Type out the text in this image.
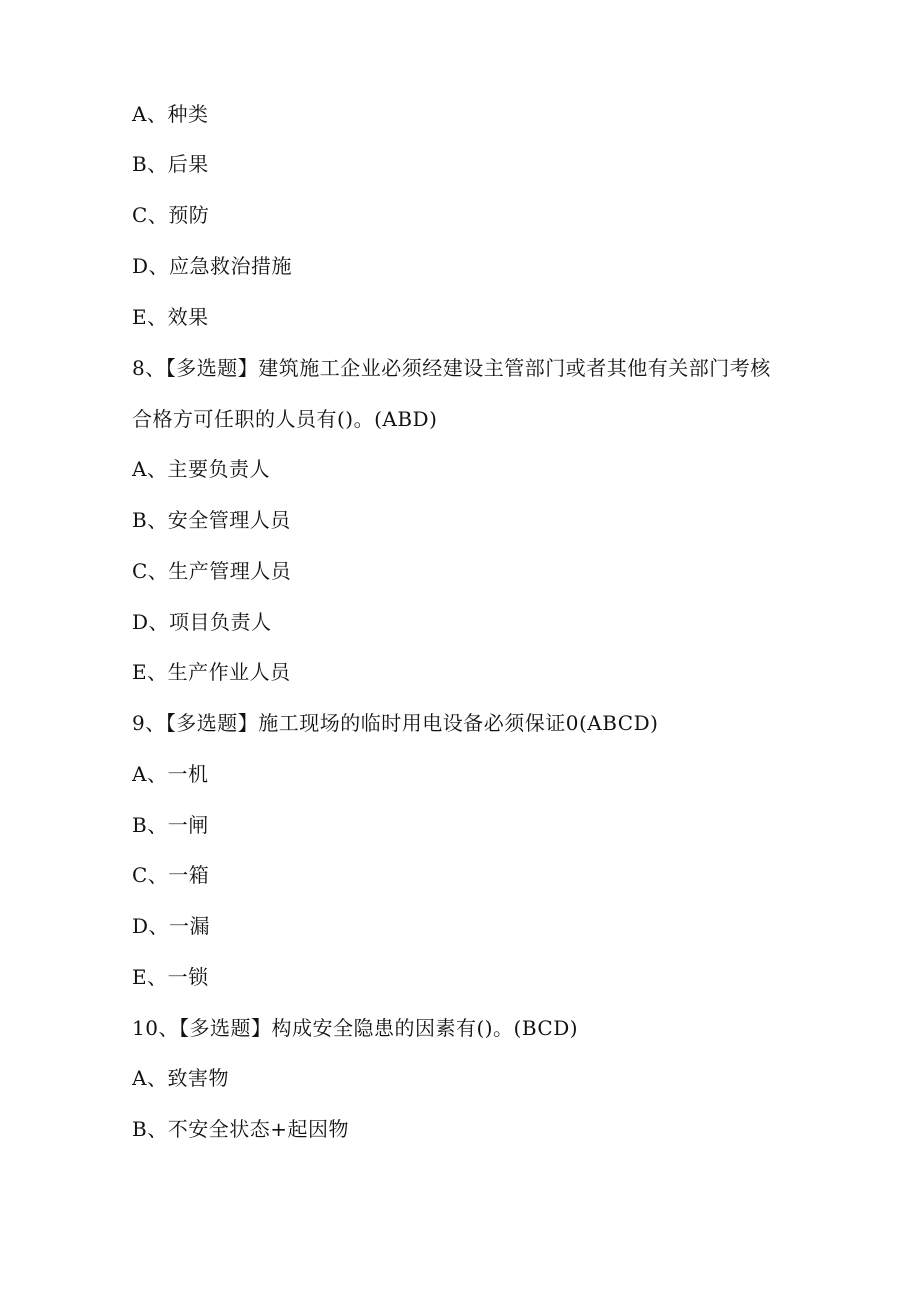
A、种类
B、后果
C、预防
D、应急救治措施
E、效果
8、【多选题】建筑施工企业必须经建设主管部门或者其他有关部门考核
合格方可任职的人员有()。(ABD)
A、主要负责人
B、安全管理人员
C、生产管理人员
D、项目负责人
E、生产作业人员
9、【多选题】施工现场的临时用电设备必须保证0(ABCD)
A、一机
B、一闸
C、一箱
D、一漏
E、一锁
10、【多选题】构成安全隐患的因素有()。(BCD)
A、致害物
B、不安全状态+起因物
